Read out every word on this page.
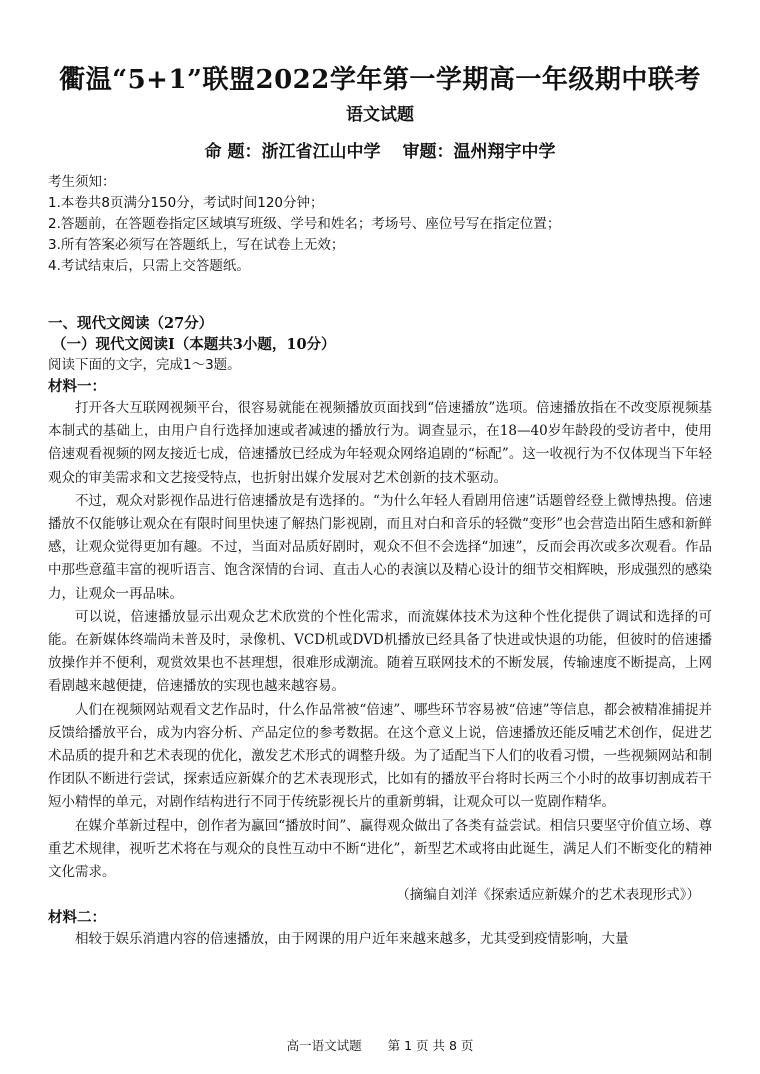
衢温“5+1”联盟2022学年第一学期高一年级期中联考
语文试题
命 题：浙江省江山中学 审题：温州翔宇中学
考生须知：
1.本卷共8页满分150分，考试时间120分钟；
2.答题前，在答题卷指定区域填写班级、学号和姓名；考场号、座位号写在指定位置；
3.所有答案必须写在答题纸上，写在试卷上无效；
4.考试结束后，只需上交答题纸。
一、现代文阅读（27分）
（一）现代文阅读Ⅰ（本题共3小题，10分）
阅读下面的文字，完成1～3题。
材料一：

打开各大互联网视频平台，很容易就能在视频播放页面找到“倍速播放”选项。倍速播放指在不改变原视频基本制式的基础上，由用户自行选择加速或者减速的播放行为。调查显示，在18—40岁年龄段的受访者中，使用倍速观看视频的网友接近七成，倍速播放已经成为年轻观众网络追剧的“标配”。这一收视行为不仅体现当下年轻观众的审美需求和文艺接受特点，也折射出媒介发展对艺术创新的技术驱动。

不过，观众对影视作品进行倍速播放是有选择的。“为什么年轻人看剧用倍速”话题曾经登上微博热搜。倍速播放不仅能够让观众在有限时间里快速了解热门影视剧，而且对白和音乐的轻微“变形”也会营造出陌生感和新鲜感，让观众觉得更加有趣。不过，当面对品质好剧时，观众不但不会选择“加速”，反而会再次或多次观看。作品中那些意蕴丰富的视听语言、饱含深情的台词、直击人心的表演以及精心设计的细节交相辉映，形成强烈的感染力，让观众一再品味。

可以说，倍速播放显示出观众艺术欣赏的个性化需求，而流媒体技术为这种个性化提供了调试和选择的可能。在新媒体终端尚未普及时，录像机、VCD机或DVD机播放已经具备了快进或快退的功能，但彼时的倍速播放操作并不便利，观赏效果也不甚理想，很难形成潮流。随着互联网技术的不断发展，传输速度不断提高，上网看剧越来越便捷，倍速播放的实现也越来越容易。

人们在视频网站观看文艺作品时，什么作品常被“倍速”、哪些环节容易被“倍速”等信息，都会被精准捕捉并反馈给播放平台，成为内容分析、产品定位的参考数据。在这个意义上说，倍速播放还能反哺艺术创作，促进艺术品质的提升和艺术表现的优化，激发艺术形式的调整升级。为了适配当下人们的收看习惯，一些视频网站和制作团队不断进行尝试，探索适应新媒介的艺术表现形式，比如有的播放平台将时长两三个小时的故事切割成若干短小精悍的单元，对剧作结构进行不同于传统影视长片的重新剪辑，让观众可以一览剧作精华。

在媒介革新过程中，创作者为赢回“播放时间”、赢得观众做出了各类有益尝试。相信只要坚守价值立场、尊重艺术规律，视听艺术将在与观众的良性互动中不断“进化”，新型艺术或将由此诞生，满足人们不断变化的精神文化需求。

（摘编自刘洋《探索适应新媒介的艺术表现形式》）
材料二：

相较于娱乐消遣内容的倍速播放，由于网课的用户近年来越来越多，尤其受到疫情影响，大量

高一语文试题 第 1 页 共 8 页
